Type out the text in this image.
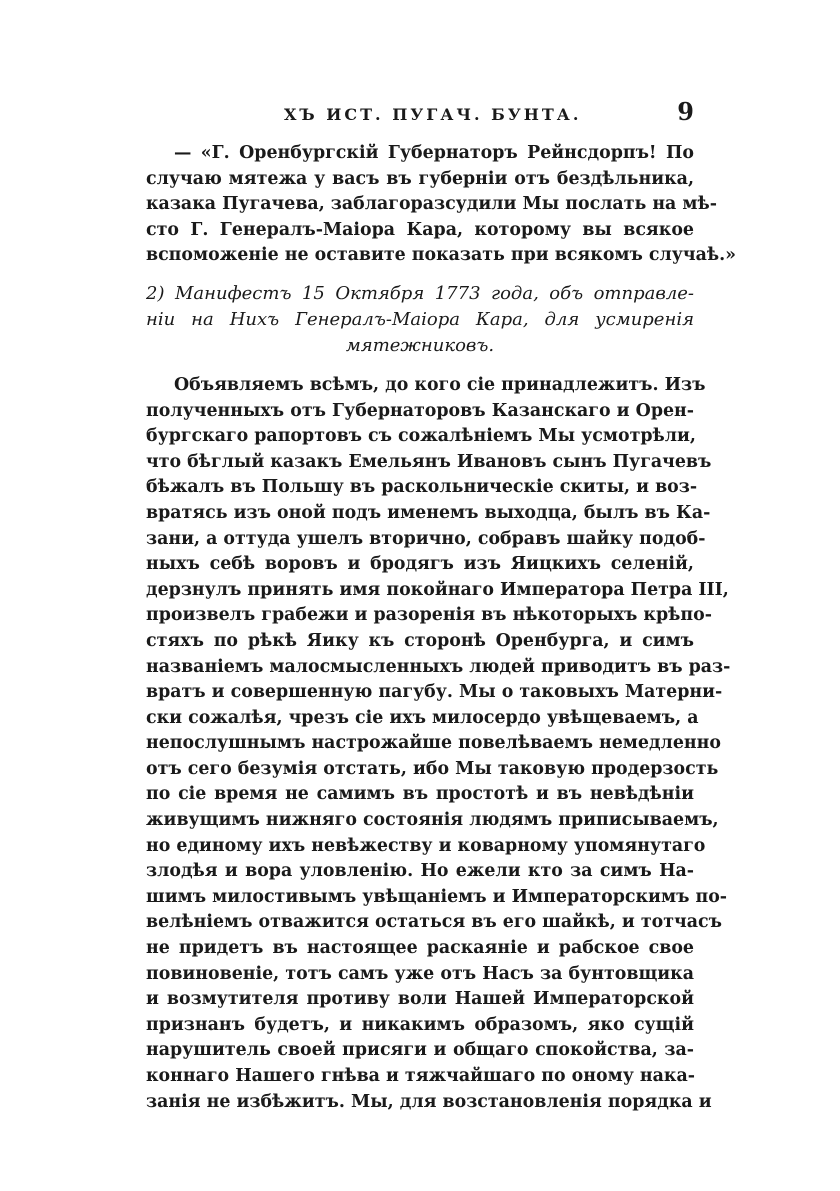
ХЪ ИСТ. ПУГАЧ. БУНТА.	9
— «Г. Оренбургскій Губернаторъ Рейнсдорпъ! По
случаю мятежа у васъ въ губерніи отъ бездѣльника,
казака Пугачева, заблагоразсудили Мы послать на мѣ-
сто Г. Генералъ-Маіора Кара, которому вы всякое
вспоможеніе не оставите показать при всякомъ случаѣ.»
2) Манифестъ 15 Октября 1773 года, объ отправле-
ніи на Нихъ Генералъ-Маіора Кара, для усмиренія
мятежниковъ.
Объявляемъ всѣмъ, до кого сіе принадлежитъ. Изъ
полученныхъ отъ Губернаторовъ Казанскаго и Орен-
бургскаго рапортовъ съ сожалѣніемъ Мы усмотрѣли,
что бѣглый казакъ Емельянъ Ивановъ сынъ Пугачевъ
бѣжалъ въ Польшу въ раскольническіе скиты, и воз-
вратясь изъ оной подъ именемъ выходца, былъ въ Ка-
зани, а оттуда ушелъ вторично, собравъ шайку подоб-
ныхъ себѣ воровъ и бродягъ изъ Яицкихъ селеній,
дерзнулъ принять имя покойнаго Императора Петра III,
произвелъ грабежи и разоренія въ нѣкоторыхъ крѣпо-
стяхъ по рѣкѣ Яику къ сторонѣ Оренбурга, и симъ
названіемъ малосмысленныхъ людей приводитъ въ раз-
вратъ и совершенную пагубу. Мы о таковыхъ Матерни-
ски сожалѣя, чрезъ сіе ихъ милосердо увѣщеваемъ, а
непослушнымъ настрожайше повелѣваемъ немедленно
отъ сего безумія отстать, ибо Мы таковую продерзость
по сіе время не самимъ въ простотѣ и въ невѣдѣніи
живущимъ нижняго состоянія людямъ приписываемъ,
но единому ихъ невѣжеству и коварному упомянутаго
злодѣя и вора уловленію. Но ежели кто за симъ На-
шимъ милостивымъ увѣщаніемъ и Императорскимъ по-
велѣніемъ отважится остаться въ его шайкѣ, и тотчасъ
не придетъ въ настоящее раскаяніе и рабское свое
повиновеніе, тотъ самъ уже отъ Насъ за бунтовщика
и возмутителя противу воли Нашей Императорской
признанъ будетъ, и никакимъ образомъ, яко сущій
нарушитель своей присяги и общаго спокойства, за-
коннаго Нашего гнѣва и тяжчайшаго по оному нака-
занія не избѣжитъ. Мы, для возстановленія порядка и
